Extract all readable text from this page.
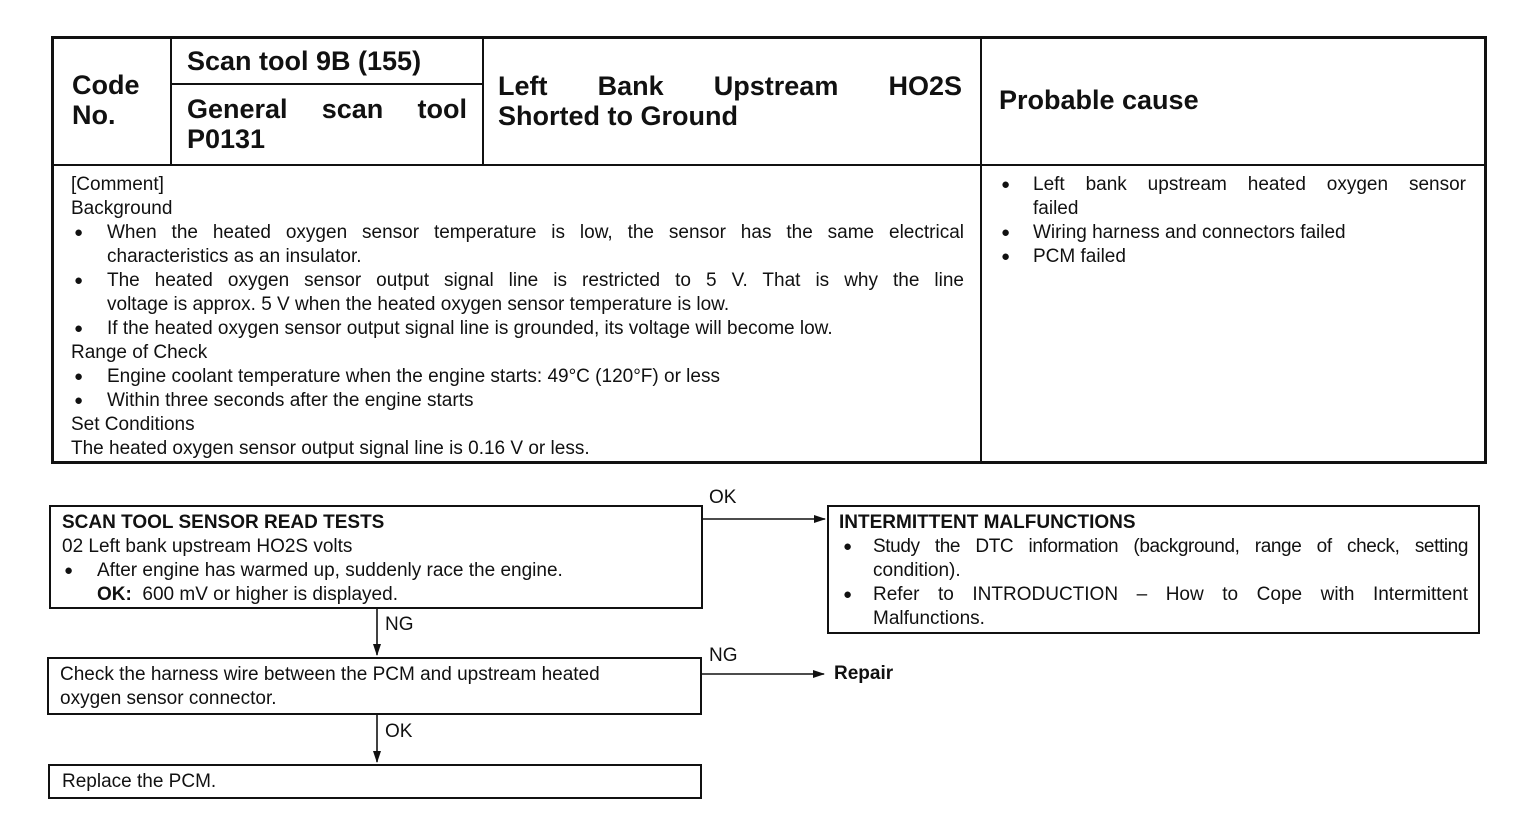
Code No.
Scan tool 9B (155)
General scan tool
P0131
Left Bank Upstream HO2S
Shorted to Ground
Probable cause
[Comment]
Background
● When the heated oxygen sensor temperature is low, the sensor has the same electrical
characteristics as an insulator.
● The heated oxygen sensor output signal line is restricted to 5 V. That is why the line
voltage is approx. 5 V when the heated oxygen sensor temperature is low.
● If the heated oxygen sensor output signal line is grounded, its voltage will become low.
Range of Check
● Engine coolant temperature when the engine starts: 49°C (120°F) or less
● Within three seconds after the engine starts
Set Conditions
The heated oxygen sensor output signal line is 0.16 V or less.
● Left bank upstream heated oxygen sensor
failed
● Wiring harness and connectors failed
● PCM failed
SCAN TOOL SENSOR READ TESTS
02 Left bank upstream HO2S volts
● After engine has warmed up, suddenly race the engine.
OK: 600 mV or higher is displayed.
INTERMITTENT MALFUNCTIONS
● Study the DTC information (background, range of check, setting
condition).
● Refer to INTRODUCTION – How to Cope with Intermittent
Malfunctions.
Check the harness wire between the PCM and upstream heated
oxygen sensor connector.
Replace the PCM.
OK
NG
NG
OK
Repair
